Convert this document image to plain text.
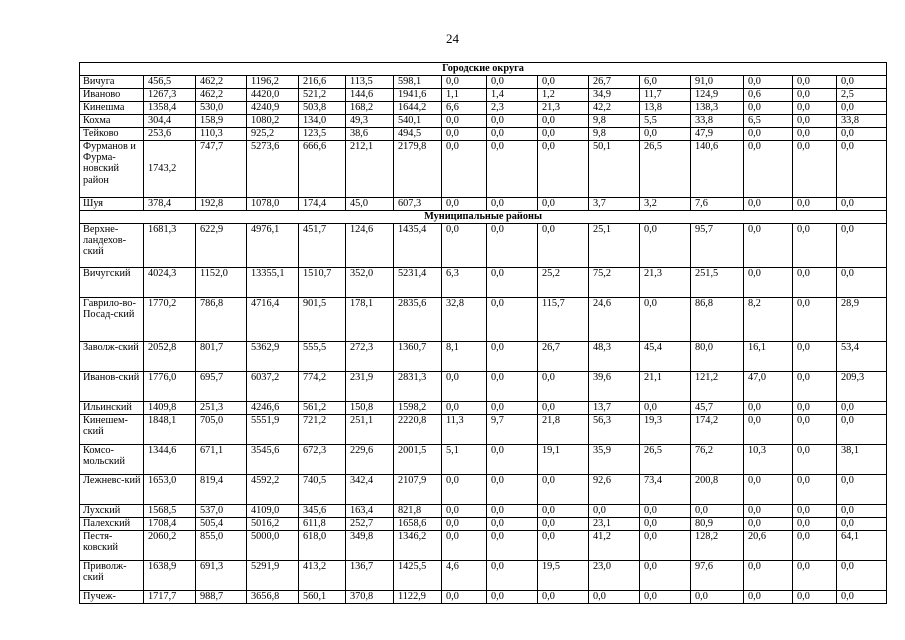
24
Городские округа															
Вичуга	456,5	462,2	1196,2	216,6	113,5	598,1	0,0	0,0	0,0	26,7	6,0	91,0	0,0	0,0	0,0
Иваново	1267,3	462,2	4420,0	521,2	144,6	1941,6	1,1	1,4	1,2	34,9	11,7	124,9	0,6	0,0	2,5
Кинешма	1358,4	530,0	4240,9	503,8	168,2	1644,2	6,6	2,3	21,3	42,2	13,8	138,3	0,0	0,0	0,0
Кохма	304,4	158,9	1080,2	134,0	49,3	540,1	0,0	0,0	0,0	9,8	5,5	33,8	6,5	0,0	33,8
Тейково	253,6	110,3	925,2	123,5	38,6	494,5	0,0	0,0	0,0	9,8	0,0	47,9	0,0	0,0	0,0
Фурманов и Фурма-новский район	1743,2	747,7	5273,6	666,6	212,1	2179,8	0,0	0,0	0,0	50,1	26,5	140,6	0,0	0,0	0,0
Шуя	378,4	192,8	1078,0	174,4	45,0	607,3	0,0	0,0	0,0	3,7	3,2	7,6	0,0	0,0	0,0
Муниципальные районы															
Верхне-ландехов-ский	1681,3	622,9	4976,1	451,7	124,6	1435,4	0,0	0,0	0,0	25,1	0,0	95,7	0,0	0,0	0,0
Вичугский	4024,3	1152,0	13355,1	1510,7	352,0	5231,4	6,3	0,0	25,2	75,2	21,3	251,5	0,0	0,0	0,0
Гаврило-во-Посад-ский	1770,2	786,8	4716,4	901,5	178,1	2835,6	32,8	0,0	115,7	24,6	0,0	86,8	8,2	0,0	28,9
Заволж-ский	2052,8	801,7	5362,9	555,5	272,3	1360,7	8,1	0,0	26,7	48,3	45,4	80,0	16,1	0,0	53,4
Иванов-ский	1776,0	695,7	6037,2	774,2	231,9	2831,3	0,0	0,0	0,0	39,6	21,1	121,2	47,0	0,0	209,3
Ильинский	1409,8	251,3	4246,6	561,2	150,8	1598,2	0,0	0,0	0,0	13,7	0,0	45,7	0,0	0,0	0,0
Кинешем-ский	1848,1	705,0	5551,9	721,2	251,1	2220,8	11,3	9,7	21,8	56,3	19,3	174,2	0,0	0,0	0,0
Комсо-мольский	1344,6	671,1	3545,6	672,3	229,6	2001,5	5,1	0,0	19,1	35,9	26,5	76,2	10,3	0,0	38,1
Лежневс-кий	1653,0	819,4	4592,2	740,5	342,4	2107,9	0,0	0,0	0,0	92,6	73,4	200,8	0,0	0,0	0,0
Лухский	1568,5	537,0	4109,0	345,6	163,4	821,8	0,0	0,0	0,0	0,0	0,0	0,0	0,0	0,0	0,0
Палехский	1708,4	505,4	5016,2	611,8	252,7	1658,6	0,0	0,0	0,0	23,1	0,0	80,9	0,0	0,0	0,0
Пестя-ковский	2060,2	855,0	5000,0	618,0	349,8	1346,2	0,0	0,0	0,0	41,2	0,0	128,2	20,6	0,0	64,1
Приволж-ский	1638,9	691,3	5291,9	413,2	136,7	1425,5	4,6	0,0	19,5	23,0	0,0	97,6	0,0	0,0	0,0
Пучеж-	1717,7	988,7	3656,8	560,1	370,8	1122,9	0,0	0,0	0,0	0,0	0,0	0,0	0,0	0,0	0,0
